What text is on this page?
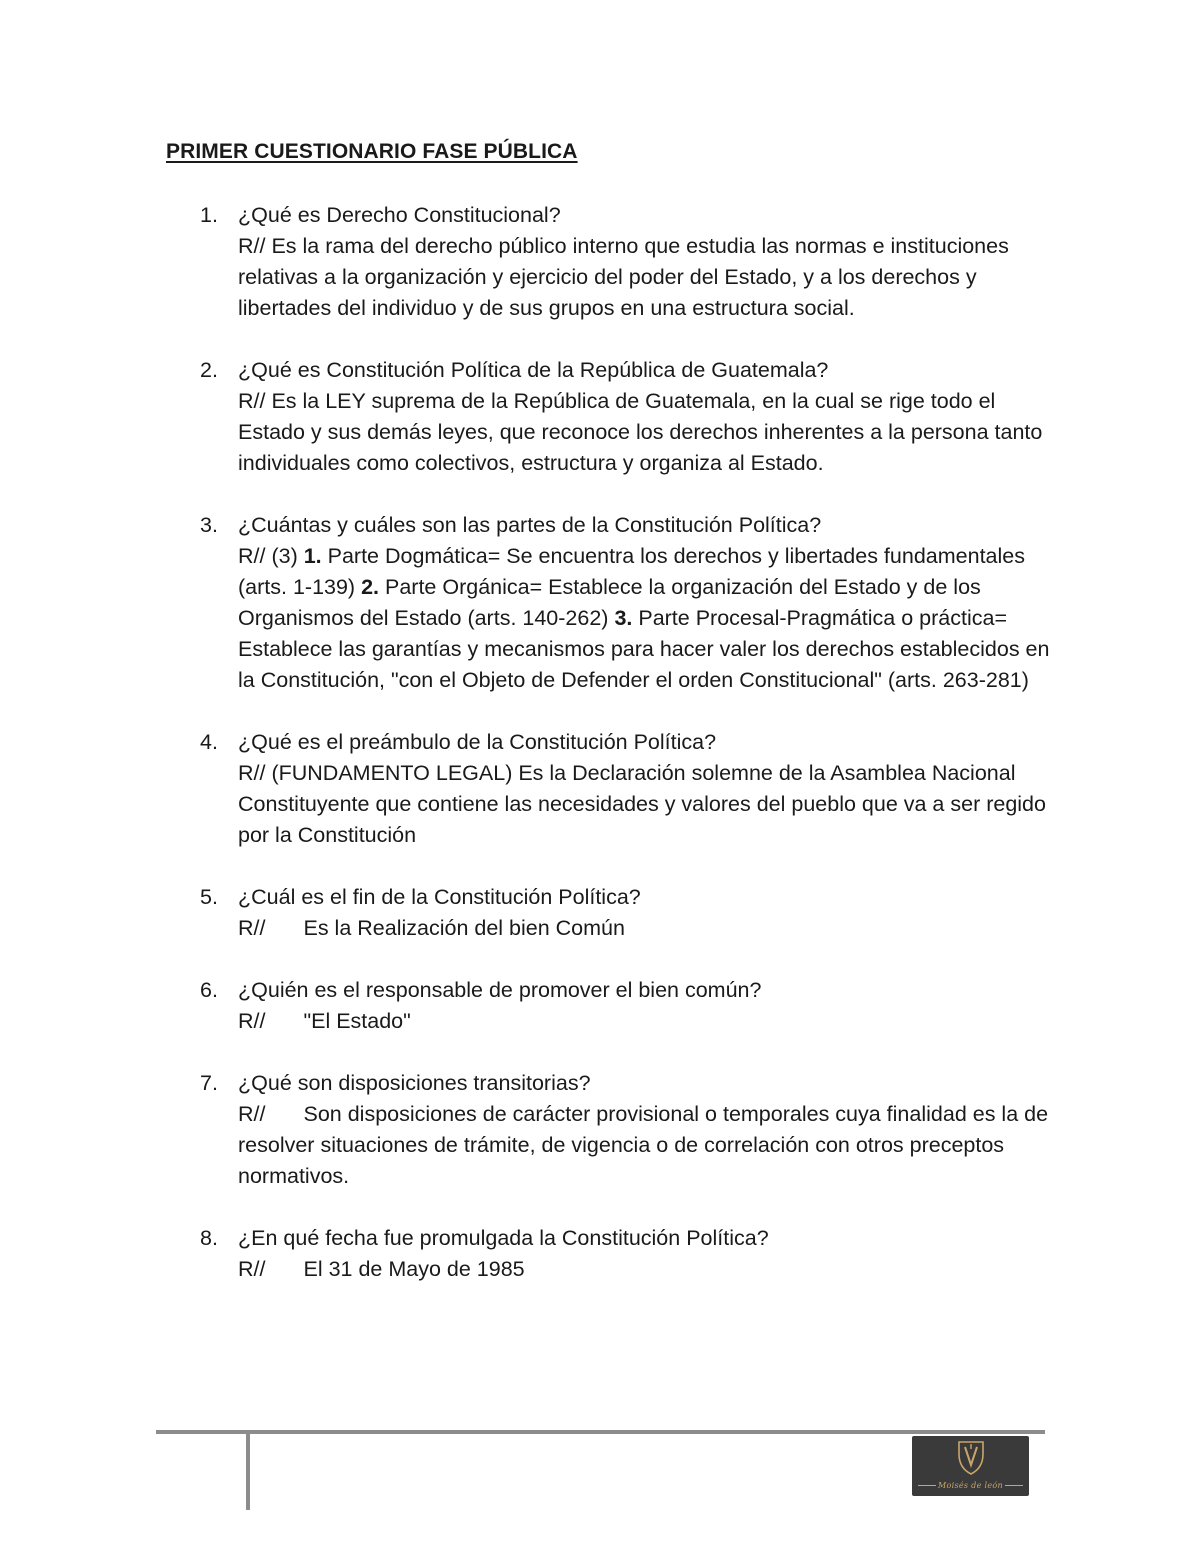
PRIMER CUESTIONARIO FASE PÚBLICA
1. ¿Qué es Derecho Constitucional?
R// Es la rama del derecho público interno que estudia las normas e instituciones relativas a la organización y ejercicio del poder del Estado, y a los derechos y libertades del individuo y de sus grupos en una estructura social.
2. ¿Qué es Constitución Política de la República de Guatemala?
R// Es la LEY suprema de la República de Guatemala, en la cual se rige todo el Estado y sus demás leyes, que reconoce los derechos inherentes a la persona tanto individuales como colectivos, estructura y organiza al Estado.
3. ¿Cuántas y cuáles son las partes de la Constitución Política?
R// (3) 1. Parte Dogmática= Se encuentra los derechos y libertades fundamentales (arts. 1-139) 2. Parte Orgánica= Establece la organización del Estado y de los Organismos del Estado (arts. 140-262) 3. Parte Procesal-Pragmática o práctica= Establece las garantías y mecanismos para hacer valer los derechos establecidos en la Constitución, "con el Objeto de Defender el orden Constitucional" (arts. 263-281)
4. ¿Qué es el preámbulo de la Constitución Política?
R// (FUNDAMENTO LEGAL) Es la Declaración solemne de la Asamblea Nacional Constituyente que contiene las necesidades y valores del pueblo que va a ser regido por la Constitución
5. ¿Cuál es el fin de la Constitución Política?
R// Es la Realización del bien Común
6. ¿Quién es el responsable de promover el bien común?
R// "El Estado"
7. ¿Qué son disposiciones transitorias?
R// Son disposiciones de carácter provisional o temporales cuya finalidad es la de resolver situaciones de trámite, de vigencia o de correlación con otros preceptos normativos.
8. ¿En qué fecha fue promulgada la Constitución Política?
R// El 31 de Mayo de 1985
Moisés de león
